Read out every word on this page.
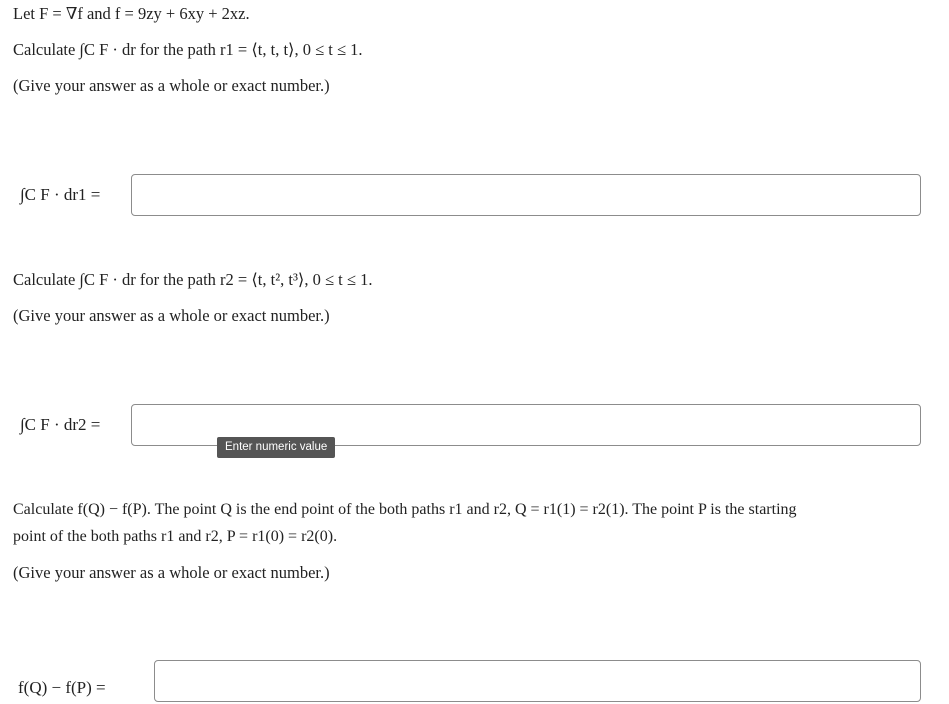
Let F = ∇f and f = 9zy + 6xy + 2xz.
Calculate ∫C F · dr for the path r1 = ⟨t, t, t⟩, 0 ≤ t ≤ 1.
(Give your answer as a whole or exact number.)
∫C F · dr1 =
Calculate ∫C F · dr for the path r2 = ⟨t, t², t³⟩, 0 ≤ t ≤ 1.
(Give your answer as a whole or exact number.)
∫C F · dr2 =
Enter numeric value
Calculate f(Q) − f(P). The point Q is the end point of the both paths r1 and r2, Q = r1(1) = r2(1). The point P is the starting
point of the both paths r1 and r2, P = r1(0) = r2(0).
(Give your answer as a whole or exact number.)
f(Q) − f(P) =
